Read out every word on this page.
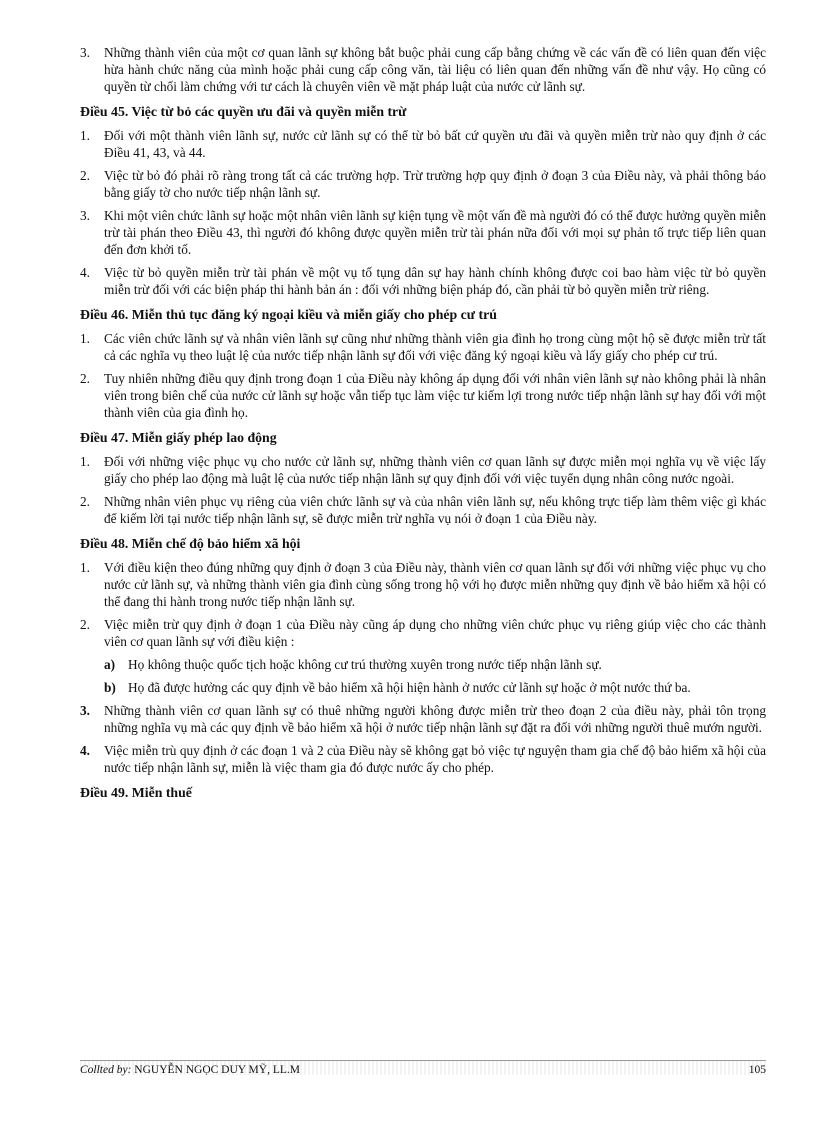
3.	Những thành viên của một cơ quan lãnh sự không bắt buộc phải cung cấp bằng chứng về các vấn đề có liên quan đến việc hừa hành chức năng của mình hoặc phải cung cấp công văn, tài liệu có liên quan đến những vấn đề như vậy. Họ cũng có quyền từ chối làm chứng với tư cách là chuyên viên về mặt pháp luật của nước cử lãnh sự.
Điều 45. Việc từ bỏ các quyền ưu đãi và quyền miễn trừ
1.	Đối với một thành viên lãnh sự, nước cử lãnh sự có thể từ bỏ bất cứ quyền ưu đãi và quyền miễn trừ nào quy định ở các Điều 41, 43, và 44.
2.	Việc từ bỏ đó phải rõ ràng trong tất cả các trường hợp. Trừ trường hợp quy định ở đoạn 3 của Điều này, và phải thông báo bằng giấy tờ cho nước tiếp nhận lãnh sự.
3.	Khi một viên chức lãnh sự hoặc một nhân viên lãnh sự kiện tụng về một vấn đề mà người đó có thể được hưởng quyền miễn trừ tài phán theo Điều 43, thì người đó không được quyền miễn trừ tài phán nữa đối với mọi sự phản tố trực tiếp liên quan đến đơn khởi tố.
4.	Việc từ bỏ quyền miễn trừ tài phán về một vụ tố tụng dân sự hay hành chính không được coi bao hàm việc từ bỏ quyền miễn trừ đối với các biện pháp thi hành bản án : đối với những biện pháp đó, cần phải từ bỏ quyền miễn trừ riêng.
Điều 46. Miễn thủ tục đăng ký ngoại kiều và miễn giấy cho phép cư trú
1.	Các viên chức lãnh sự và nhân viên lãnh sự cũng như những thành viên gia đình họ trong cùng một hộ sẽ được miễn trừ tất cả các nghĩa vụ theo luật lệ của nước tiếp nhận lãnh sự đối với việc đăng ký ngoại kiều và lấy giấy cho phép cư trú.
2.	Tuy nhiên những điều quy định trong đoạn 1 của Điều này không áp dụng đối với nhân viên lãnh sự nào không phải là nhân viên trong biên chế của nước cử lãnh sự hoặc vẫn tiếp tục làm việc tư kiếm lợi trong nước tiếp nhận lãnh sự hay đối với một thành viên của gia đình họ.
Điều 47. Miễn giấy phép lao động
1.	Đối với những việc phục vụ cho nước cử lãnh sự, những thành viên cơ quan lãnh sự được miễn mọi nghĩa vụ về việc lấy giấy cho phép lao động mà luật lệ của nước tiếp nhận lãnh sự quy định đối với việc tuyển dụng nhân công nước ngoài.
2.	Những nhân viên phục vụ riêng của viên chức lãnh sự và của nhân viên lãnh sự, nếu không trực tiếp làm thêm việc gì khác để kiếm lời tại nước tiếp nhận lãnh sự, sẽ được miễn trừ nghĩa vụ nói ở đoạn 1 của Điều này.
Điều 48. Miễn chế độ bảo hiểm xã hội
1.	Với điều kiện theo đúng những quy định ở đoạn 3 của Điều này, thành viên cơ quan lãnh sự đối với những việc phục vụ cho nước cử lãnh sự, và những thành viên gia đình cùng sống trong hộ với họ được miễn những quy định về bảo hiểm xã hội có thể đang thi hành trong nước tiếp nhận lãnh sự.
2.	Việc miễn trừ quy định ở đoạn 1 của Điều này cũng áp dụng cho những viên chức phục vụ riêng giúp việc cho các thành viên cơ quan lãnh sự với điều kiện :
a) Họ không thuộc quốc tịch hoặc không cư trú thường xuyên trong nước tiếp nhận lãnh sự.
b) Họ đã được hưởng các quy định về bảo hiểm xã hội hiện hành ở nước cử lãnh sự hoặc ở một nước thứ ba.
3.	Những thành viên cơ quan lãnh sự có thuê những người không được miễn trừ theo đoạn 2 của điều này, phải tôn trọng những nghĩa vụ mà các quy định về bảo hiểm xã hội ở nước tiếp nhận lãnh sự đặt ra đối với những người thuê mướn người.
4.	Việc miễn trù quy định ở các đoạn 1 và 2 của Điều này sẽ không gạt bỏ việc tự nguyện tham gia chế độ bảo hiểm xã hội của nước tiếp nhận lãnh sự, miễn là việc tham gia đó được nước ấy cho phép.
Điều 49. Miễn thuế
Collted by: NGUYỄN NGỌC DUY MỸ, LL.M	105
